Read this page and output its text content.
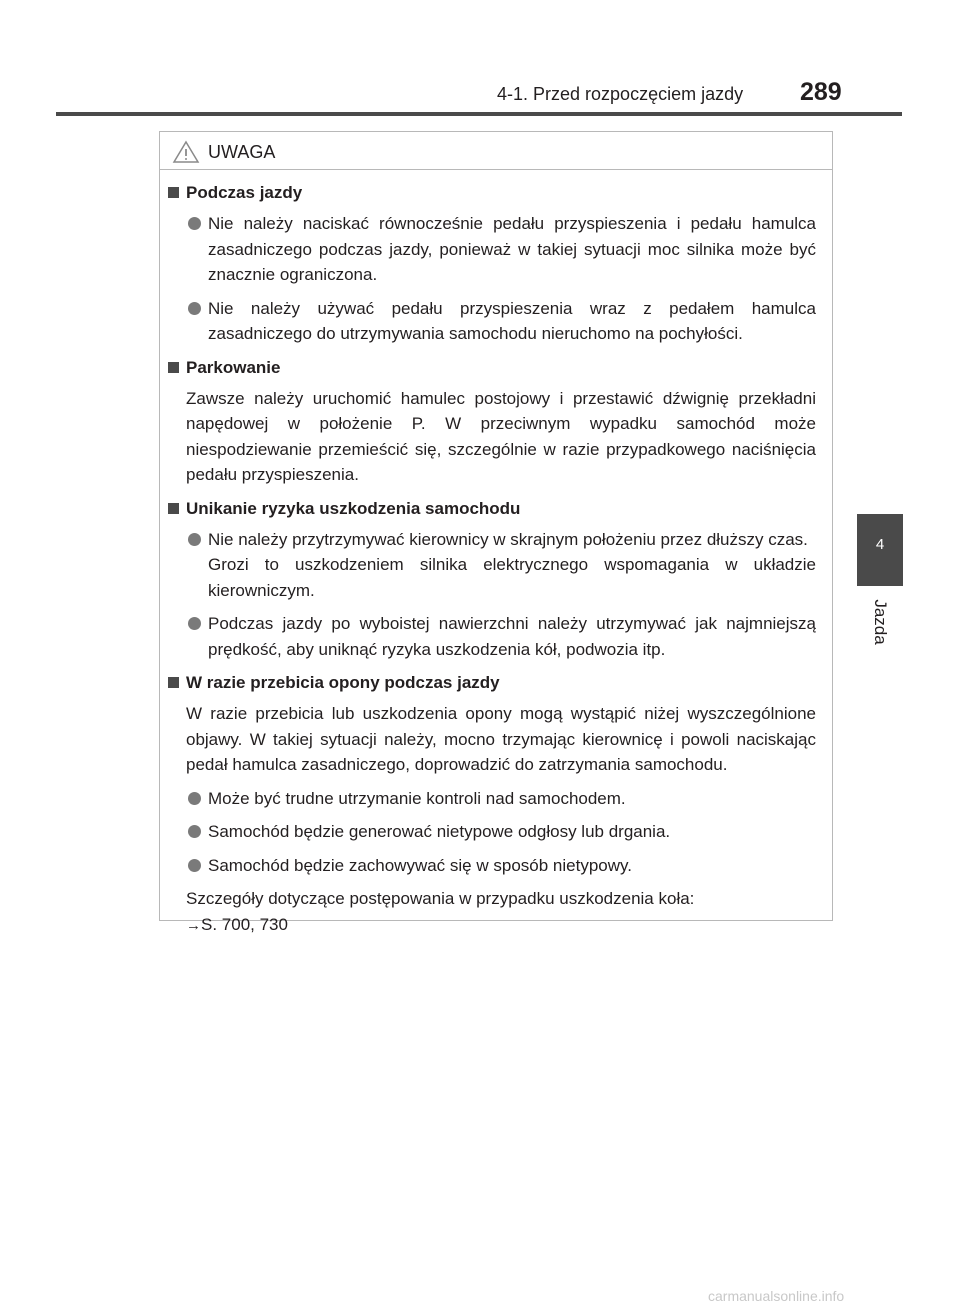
4-1. Przed rozpoczęciem jazdy 289
4
Jazda
UWAGA
Podczas jazdy
Nie należy naciskać równocześnie pedału przyspieszenia i pedału hamulca zasadniczego podczas jazdy, ponieważ w takiej sytuacji moc silnika może być znacznie ograniczona.
Nie należy używać pedału przyspieszenia wraz z pedałem hamulca zasadniczego do utrzymywania samochodu nieruchomo na pochyłości.
Parkowanie
Zawsze należy uruchomić hamulec postojowy i przestawić dźwignię przekładni napędowej w położenie P. W przeciwnym wypadku samochód może niespodziewanie przemieścić się, szczególnie w razie przypadkowego naciśnięcia pedału przyspieszenia.
Unikanie ryzyka uszkodzenia samochodu
Nie należy przytrzymywać kierownicy w skrajnym położeniu przez dłuższy czas.
Grozi to uszkodzeniem silnika elektrycznego wspomagania w układzie kierowniczym.
Podczas jazdy po wyboistej nawierzchni należy utrzymywać jak najmniejszą prędkość, aby uniknąć ryzyka uszkodzenia kół, podwozia itp.
W razie przebicia opony podczas jazdy
W razie przebicia lub uszkodzenia opony mogą wystąpić niżej wyszczególnione objawy. W takiej sytuacji należy, mocno trzymając kierownicę i powoli naciskając pedał hamulca zasadniczego, doprowadzić do zatrzymania samochodu.
Może być trudne utrzymanie kontroli nad samochodem.
Samochód będzie generować nietypowe odgłosy lub drgania.
Samochód będzie zachowywać się w sposób nietypowy.
Szczegóły dotyczące postępowania w przypadku uszkodzenia koła:
→S. 700, 730
carmanualsonline.info
